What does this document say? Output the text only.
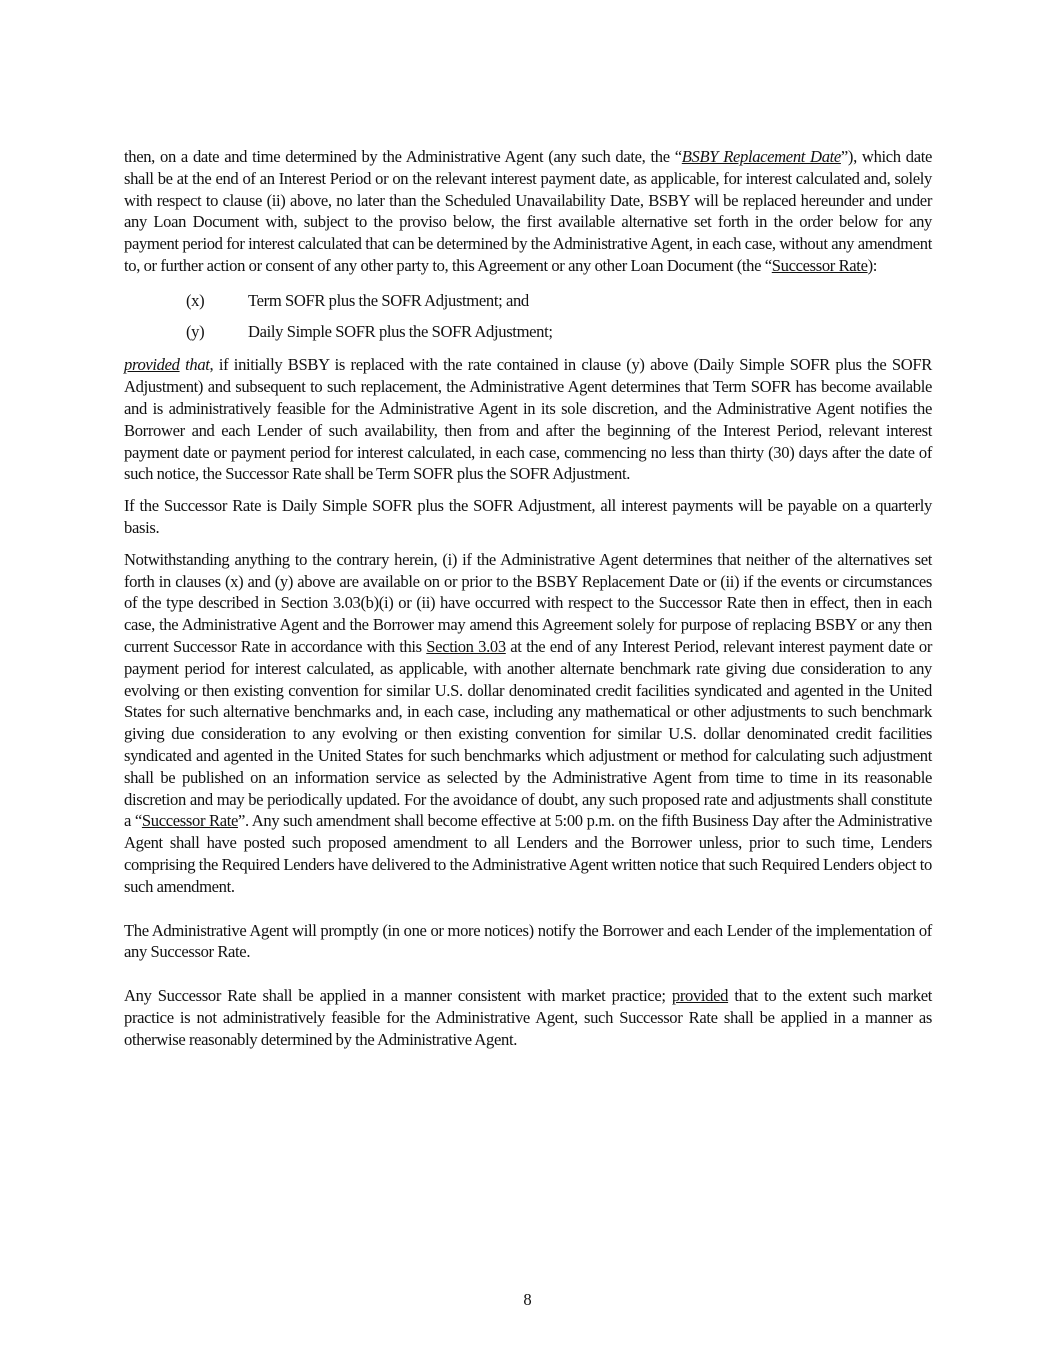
then, on a date and time determined by the Administrative Agent (any such date, the “BSBY Replacement Date”), which date shall be at the end of an Interest Period or on the relevant interest payment date, as applicable, for interest calculated and, solely with respect to clause (ii) above, no later than the Scheduled Unavailability Date, BSBY will be replaced hereunder and under any Loan Document with, subject to the proviso below, the first available alternative set forth in the order below for any payment period for interest calculated that can be determined by the Administrative Agent, in each case, without any amendment to, or further action or consent of any other party to, this Agreement or any other Loan Document (the “Successor Rate):

(x)	Term SOFR plus the SOFR Adjustment; and
(y)	Daily Simple SOFR plus the SOFR Adjustment;

provided that, if initially BSBY is replaced with the rate contained in clause (y) above (Daily Simple SOFR plus the SOFR Adjustment) and subsequent to such replacement, the Administrative Agent determines that Term SOFR has become available and is administratively feasible for the Administrative Agent in its sole discretion, and the Administrative Agent notifies the Borrower and each Lender of such availability, then from and after the beginning of the Interest Period, relevant interest payment date or payment period for interest calculated, in each case, commencing no less than thirty (30) days after the date of such notice, the Successor Rate shall be Term SOFR plus the SOFR Adjustment.

If the Successor Rate is Daily Simple SOFR plus the SOFR Adjustment, all interest payments will be payable on a quarterly basis.

Notwithstanding anything to the contrary herein, (i) if the Administrative Agent determines that neither of the alternatives set forth in clauses (x) and (y) above are available on or prior to the BSBY Replacement Date or (ii) if the events or circumstances of the type described in Section 3.03(b)(i) or (ii) have occurred with respect to the Successor Rate then in effect, then in each case, the Administrative Agent and the Borrower may amend this Agreement solely for purpose of replacing BSBY or any then current Successor Rate in accordance with this Section 3.03 at the end of any Interest Period, relevant interest payment date or payment period for interest calculated, as applicable, with another alternate benchmark rate giving due consideration to any evolving or then existing convention for similar U.S. dollar denominated credit facilities syndicated and agented in the United States for such alternative benchmarks and, in each case, including any mathematical or other adjustments to such benchmark giving due consideration to any evolving or then existing convention for similar U.S. dollar denominated credit facilities syndicated and agented in the United States for such benchmarks which adjustment or method for calculating such adjustment shall be published on an information service as selected by the Administrative Agent from time to time in its reasonable discretion and may be periodically updated. For the avoidance of doubt, any such proposed rate and adjustments shall constitute a “Successor Rate”. Any such amendment shall become effective at 5:00 p.m. on the fifth Business Day after the Administrative Agent shall have posted such proposed amendment to all Lenders and the Borrower unless, prior to such time, Lenders comprising the Required Lenders have delivered to the Administrative Agent written notice that such Required Lenders object to such amendment.

The Administrative Agent will promptly (in one or more notices) notify the Borrower and each Lender of the implementation of any Successor Rate.

Any Successor Rate shall be applied in a manner consistent with market practice; provided that to the extent such market practice is not administratively feasible for the Administrative Agent, such Successor Rate shall be applied in a manner as otherwise reasonably determined by the Administrative Agent.

8
